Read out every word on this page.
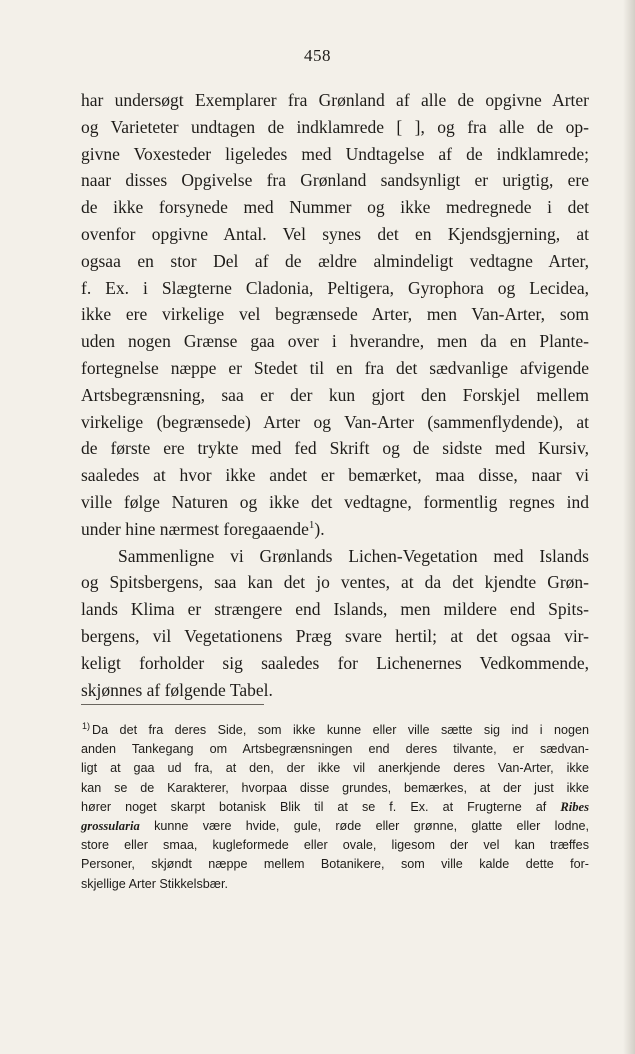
458
har undersøgt Exemplarer fra Grønland af alle de opgivne Arter
og Varieteter undtagen de indklamrede [ ], og fra alle de op-
givne Voxesteder ligeledes med Undtagelse af de indklamrede;
naar disses Opgivelse fra Grønland sandsynligt er urigtig, ere
de ikke forsynede med Nummer og ikke medregnede i det
ovenfor opgivne Antal. Vel synes det en Kjendsgjerning, at
ogsaa en stor Del af de ældre almindeligt vedtagne Arter,
f. Ex. i Slægterne Cladonia, Peltigera, Gyrophora og Lecidea,
ikke ere virkelige vel begrænsede Arter, men Van-Arter, som
uden nogen Grænse gaa over i hverandre, men da en Plante-
fortegnelse næppe er Stedet til en fra det sædvanlige afvigende
Artsbegrænsning, saa er der kun gjort den Forskjel mellem
virkelige (begrænsede) Arter og Van-Arter (sammenflydende), at
de første ere trykte med fed Skrift og de sidste med Kursiv,
saaledes at hvor ikke andet er bemærket, maa disse, naar vi
ville følge Naturen og ikke det vedtagne, formentlig regnes ind
under hine nærmest foregaaende$^1$).
Sammenligne vi Grønlands Lichen-Vegetation med Islands
og Spitsbergens, saa kan det jo ventes, at da det kjendte Grøn-
lands Klima er strængere end Islands, men mildere end Spits-
bergens, vil Vegetationens Præg svare hertil; at det ogsaa vir-
keligt forholder sig saaledes for Lichenernes Vedkommende,
skjønnes af følgende Tabel.
$^{1)}$ Da det fra deres Side, som ikke kunne eller ville sætte sig ind i nogen
anden Tankegang om Artsbegrænsningen end deres tilvante, er sædvan-
ligt at gaa ud fra, at den, der ikke vil anerkjende deres Van-Arter, ikke
kan se de Karakterer, hvorpaa disse grundes, bemærkes, at der just ikke
hører noget skarpt botanisk Blik til at se f. Ex. at Frugterne af Ribes
grossularia kunne være hvide, gule, røde eller grønne, glatte eller lodne,
store eller smaa, kugleformede eller ovale, ligesom der vel kan træffes
Personer, skjøndt næppe mellem Botanikere, som ville kalde dette for-
skjellige Arter Stikkelsbær.
